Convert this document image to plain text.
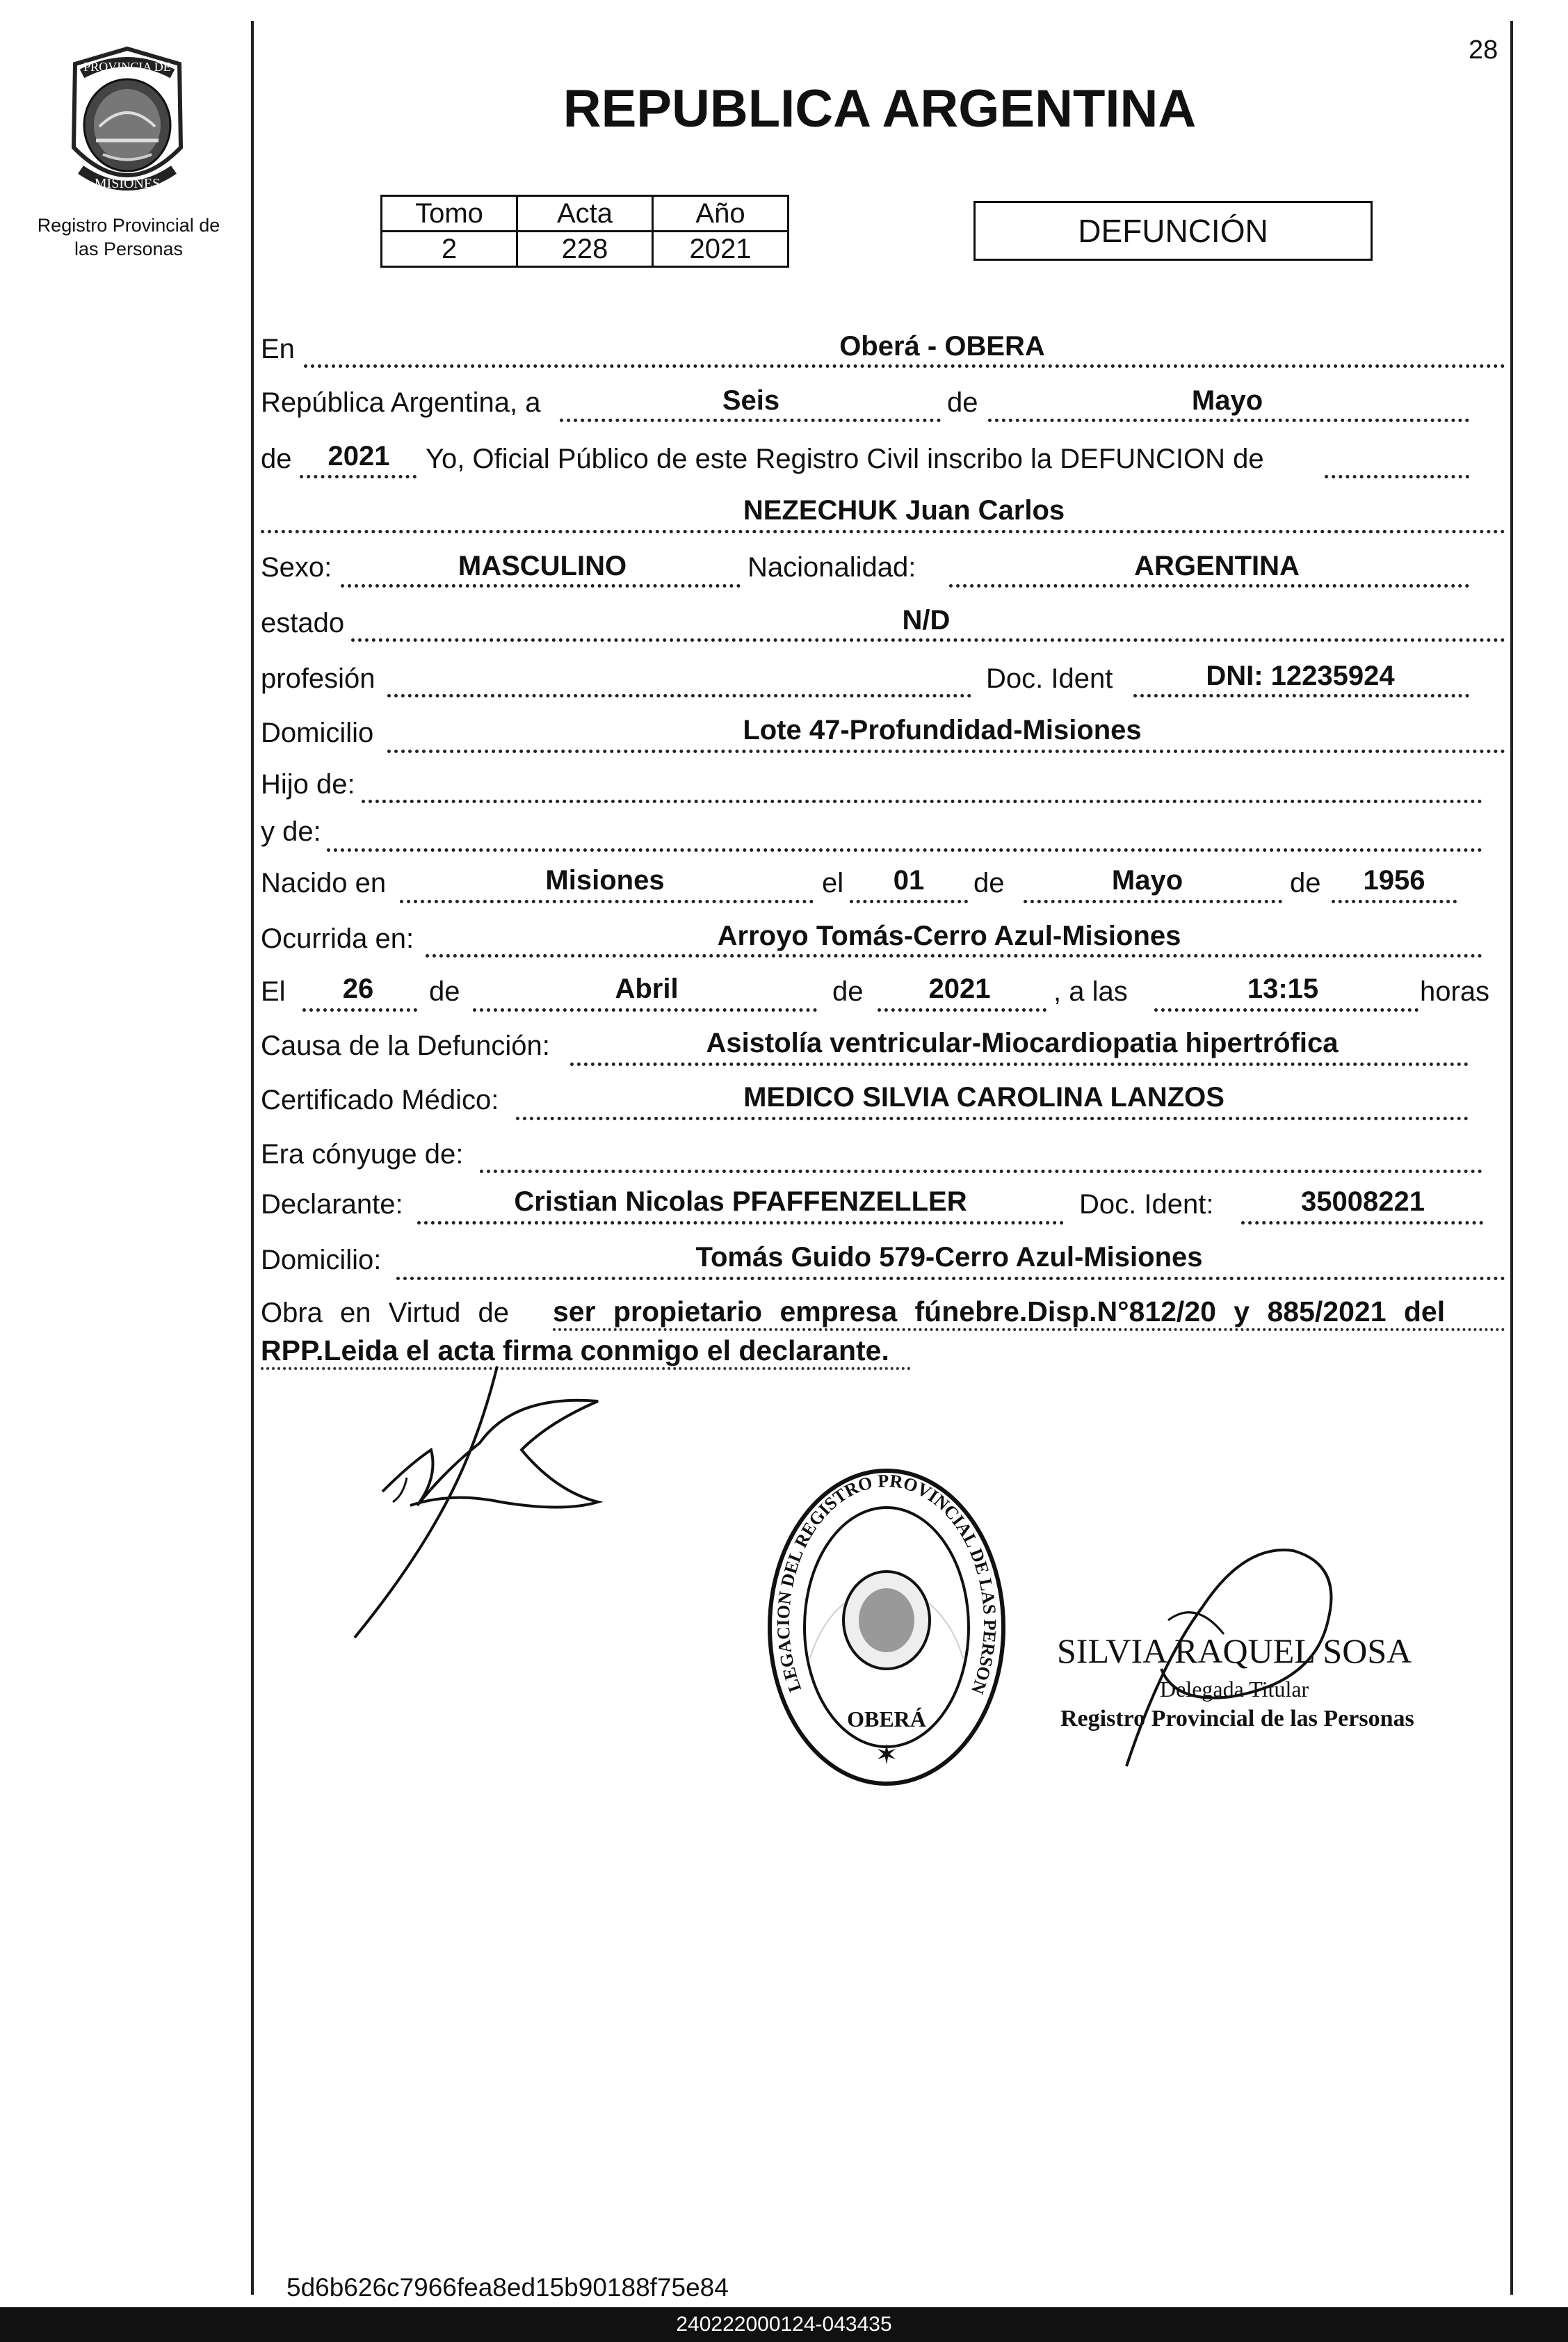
28
PROVINCIA DE
MISIONES
Registro Provincial de
las Personas
REPUBLICA ARGENTINA
Tomo	Acta	Año
2	228	2021	DEFUNCIÓN
En	Oberá - OBERA
República Argentina, a	Seis	de	Mayo
de	2021	Yo, Oficial Público de este Registro Civil inscribo la DEFUNCION de
NEZECHUK Juan Carlos
Sexo:	MASCULINO	Nacionalidad:	ARGENTINA
estado	N/D
profesión	Doc. Ident	DNI: 12235924
Domicilio	Lote 47-Profundidad-Misiones
Hijo de:
y de:
Nacido en	Misiones	el	01	de	Mayo	de	1956
Ocurrida en:	Arroyo Tomás-Cerro Azul-Misiones
El	26	de	Abril	de	2021	, a las	13:15	horas
Causa de la Defunción:	Asistolía ventricular-Miocardiopatia hipertrófica
Certificado Médico:	MEDICO SILVIA CAROLINA LANZOS
Era cónyuge de:
Declarante:	Cristian Nicolas PFAFFENZELLER	Doc. Ident:	35008221
Domicilio:	Tomás Guido 579-Cerro Azul-Misiones
Obra en Virtud de ser propietario empresa fúnebre.Disp.N°812/20 y 885/2021 del
RPP.Leida el acta firma conmigo el declarante.
LEGACION DEL REGISTRO PROVINCIAL DE LAS PERSON
OBERÁ
✶
SILVIA RAQUEL SOSA
Delegada Titular
Registro Provincial de las Personas
5d6b626c7966fea8ed15b90188f75e84
240222000124-043435
